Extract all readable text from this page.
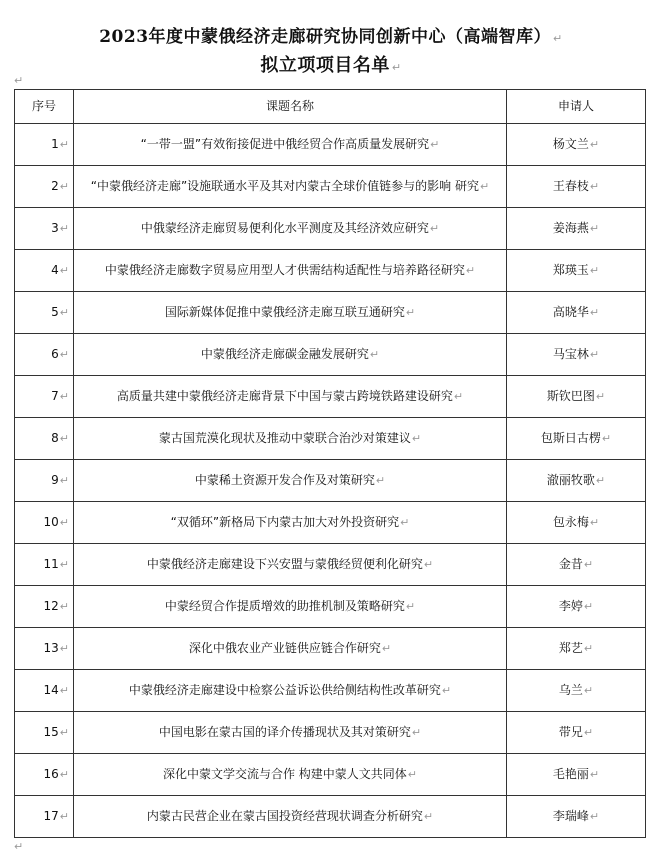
2023年度中蒙俄经济走廊研究协同创新中心（高端智库） ↵
拟立项项目名单 ↵
↵
序号	课题名称	申请人
1↵	“一带一盟”有效衔接促进中俄经贸合作高质量发展研究↵	杨文兰↵
2↵	“中蒙俄经济走廊”设施联通水平及其对内蒙古全球价值链参与的影响 研究↵	王春枝↵
3↵	中俄蒙经济走廊贸易便利化水平测度及其经济效应研究↵	姜海燕↵
4↵	中蒙俄经济走廊数字贸易应用型人才供需结构适配性与培养路径研究↵	郑瑛玉↵
5↵	国际新媒体促推中蒙俄经济走廊互联互通研究↵	高晓华↵
6↵	中蒙俄经济走廊碳金融发展研究↵	马宝林↵
7↵	高质量共建中蒙俄经济走廊背景下中国与蒙古跨境铁路建设研究↵	斯钦巴图↵
8↵	蒙古国荒漠化现状及推动中蒙联合治沙对策建议↵	包斯日古楞↵
9↵	中蒙稀土资源开发合作及对策研究↵	澈丽牧歌↵
10↵	“双循环”新格局下内蒙古加大对外投资研究↵	包永梅↵
11↵	中蒙俄经济走廊建设下兴安盟与蒙俄经贸便利化研究↵	金昔↵
12↵	中蒙经贸合作提质增效的助推机制及策略研究↵	李婷↵
13↵	深化中俄农业产业链供应链合作研究↵	郑艺↵
14↵	中蒙俄经济走廊建设中检察公益诉讼供给侧结构性改革研究↵	乌兰↵
15↵	中国电影在蒙古国的译介传播现状及其对策研究↵	带兄↵
16↵	深化中蒙文学交流与合作 构建中蒙人文共同体↵	毛艳丽↵
17↵	内蒙古民营企业在蒙古国投资经营现状调查分析研究↵	李瑞峰↵
↵
